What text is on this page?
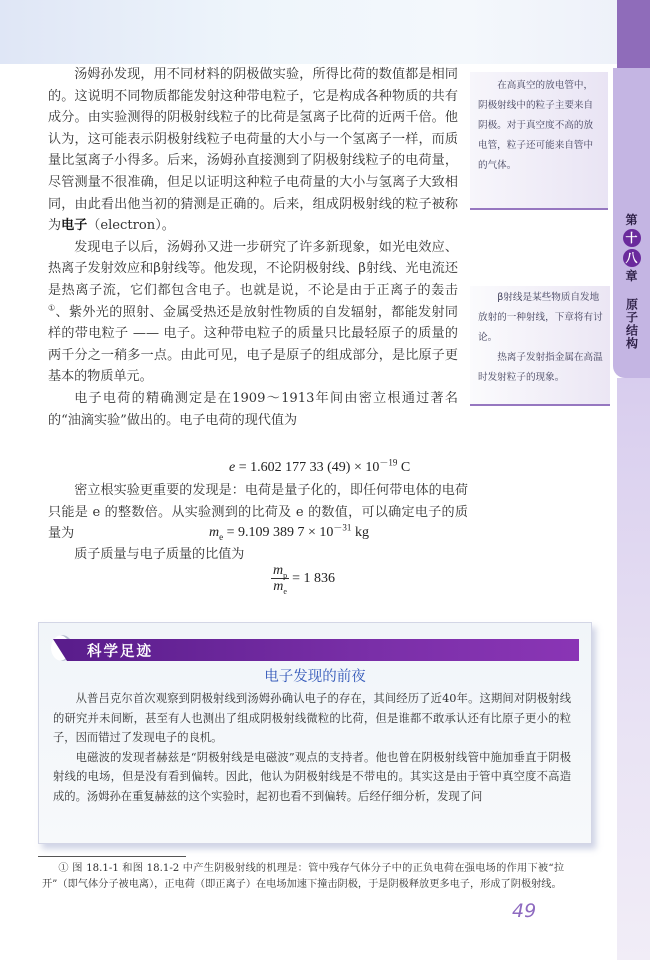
第
十
八
章
原子结构

汤姆孙发现，用不同材料的阴极做实验，所得比荷的数值都是相同的。这说明不同物质都能发射这种带电粒子，它是构成各种物质的共有成分。由实验测得的阴极射线粒子的比荷是氢离子比荷的近两千倍。他认为，这可能表示阴极射线粒子电荷量的大小与一个氢离子一样，而质量比氢离子小得多。后来，汤姆孙直接测到了阴极射线粒子的电荷量，尽管测量不很准确，但足以证明这种粒子电荷量的大小与氢离子大致相同，由此看出他当初的猜测是正确的。后来，组成阴极射线的粒子被称为电子（electron）。

发现电子以后，汤姆孙又进一步研究了许多新现象，如光电效应、热离子发射效应和β射线等。他发现，不论阴极射线、β射线、光电流还是热离子流，它们都包含电子。也就是说，不论是由于正离子的轰击①、紫外光的照射、金属受热还是放射性物质的自发辐射，都能发射同样的带电粒子 —— 电子。这种带电粒子的质量只比最轻原子的质量的两千分之一稍多一点。由此可见，电子是原子的组成部分，是比原子更基本的物质单元。

电子电荷的精确测定是在1909～1913年间由密立根通过著名的“油滴实验”做出的。电子电荷的现代值为

e = 1.602 177 33 $(49) \times 10^{-19}$ C

密立根实验更重要的发现是：电荷是量子化的，即任何带电体的电荷只能是 e 的整数倍。从实验测到的比荷及 e 的数值，可以确定电子的质量为	$m_e = 9.109$ 389 $7 \times 10^{-31}$ kg

质子质量与电子质量的比值为

$\frac{m_p}{m_e} = 1$ 836

在高真空的放电管中，阴极射线中的粒子主要来自阴极。对于真空度不高的放电管，粒子还可能来自管中的气体。

β射线是某些物质自发地放射的一种射线，下章将有讨论。

热离子发射指金属在高温时发射粒子的现象。

科学足迹
电子发现的前夜

从普吕克尔首次观察到阴极射线到汤姆孙确认电子的存在，其间经历了近40年。这期间对阴极射线的研究并未间断，甚至有人也测出了组成阴极射线微粒的比荷，但是谁都不敢承认还有比原子更小的粒子，因而错过了发现电子的良机。

电磁波的发现者赫兹是“阴极射线是电磁波”观点的支持者。他也曾在阴极射线管中施加垂直于阴极射线的电场，但是没有看到偏转。因此，他认为阴极射线是不带电的。其实这是由于管中真空度不高造成的。汤姆孙在重复赫兹的这个实验时，起初也看不到偏转。后经仔细分析，发现了问

① 图 18.1-1 和图 18.1-2 中产生阴极射线的机理是：管中残存气体分子中的正负电荷在强电场的作用下被“拉开”（即气体分子被电离），正电荷（即正离子）在电场加速下撞击阴极，于是阴极释放更多电子，形成了阴极射线。

49
